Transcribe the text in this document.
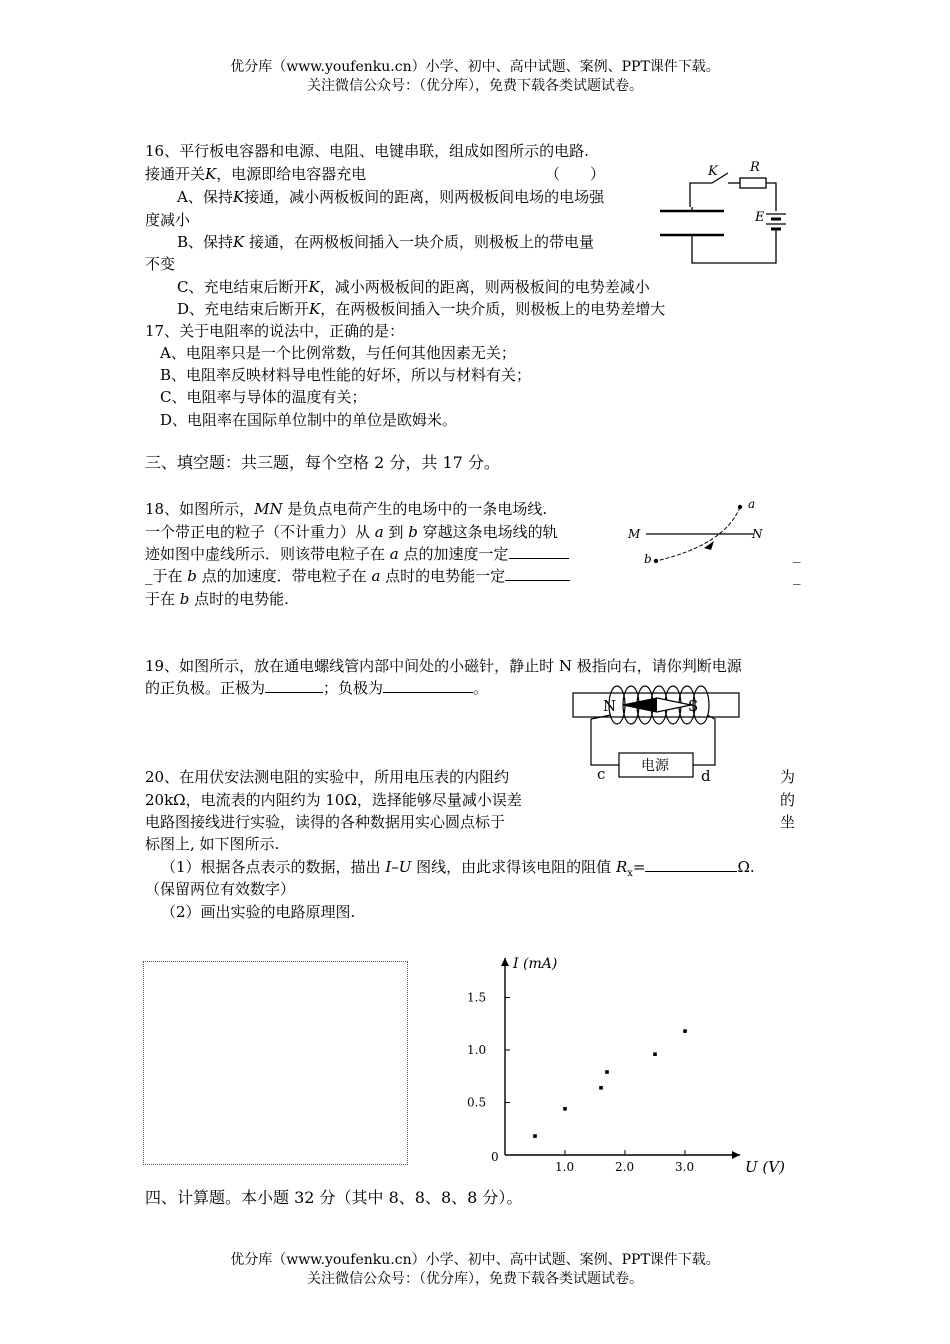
优分库（www.youfenku.cn）小学、初中、高中试题、案例、PPT课件下载。
关注微信公众号：（优分库），免费下载各类试题试卷。
16、平行板电容器和电源、电阻、电键串联，组成如图所示的电路.
接通开关K，电源即给电容器充电	（　　）
A、保持K接通，减小两板板间的距离，则两极板间电场的电场强
度减小
B、保持K 接通，在两极板间插入一块介质，则极板上的带电量
不变
C、充电结束后断开K，减小两极板间的距离，则两极板间的电势差减小
D、充电结束后断开K，在两极板间插入一块介质，则极板上的电势差增大
K R
E
17、关于电阻率的说法中，正确的是：
A、电阻率只是一个比例常数，与任何其他因素无关；
B、电阻率反映材料导电性能的好坏，所以与材料有关；
C、电阻率与导体的温度有关；
D、电阻率在国际单位制中的单位是欧姆米。
三、填空题：共三题，每个空格 2 分，共 17 分。
18、如图所示，MN 是负点电荷产生的电场中的一条电场线.
一个带正电的粒子（不计重力）从 a 到 b 穿越这条电场线的轨
迹如图中虚线所示．则该带电粒子在 a 点的加速度一定
_于在 b 点的加速度．带电粒子在 a 点时的电势能一定
于在 b 点时的电势能.
_
_
M	N
a
b
19、如图所示，放在通电螺线管内部中间处的小磁针，静止时 N 极指向右，请你判断电源
的正负极。正极为	；负极为	。
N	S
电源
c	d
20、在用伏安法测电阻的实验中，所用电压表的内阻约	为
20kΩ，电流表的内阻约为 10Ω，选择能够尽量减小误差	的
电路图接线进行实验，读得的各种数据用实心圆点标于	坐
标图上, 如下图所示.
（1）根据各点表示的数据，描出 I–U 图线，由此求得该电阻的阻值 $R_x=$	Ω.
（保留两位有效数字）
（2）画出实验的电路原理图.
U (V)
I (mA)
0
1.0	2.0	3.0
0.5
1.0
1.5
四、计算题。本小题 32 分（其中 8、8、8、8 分）。
优分库（www.youfenku.cn）小学、初中、高中试题、案例、PPT课件下载。
关注微信公众号：（优分库），免费下载各类试题试卷。
